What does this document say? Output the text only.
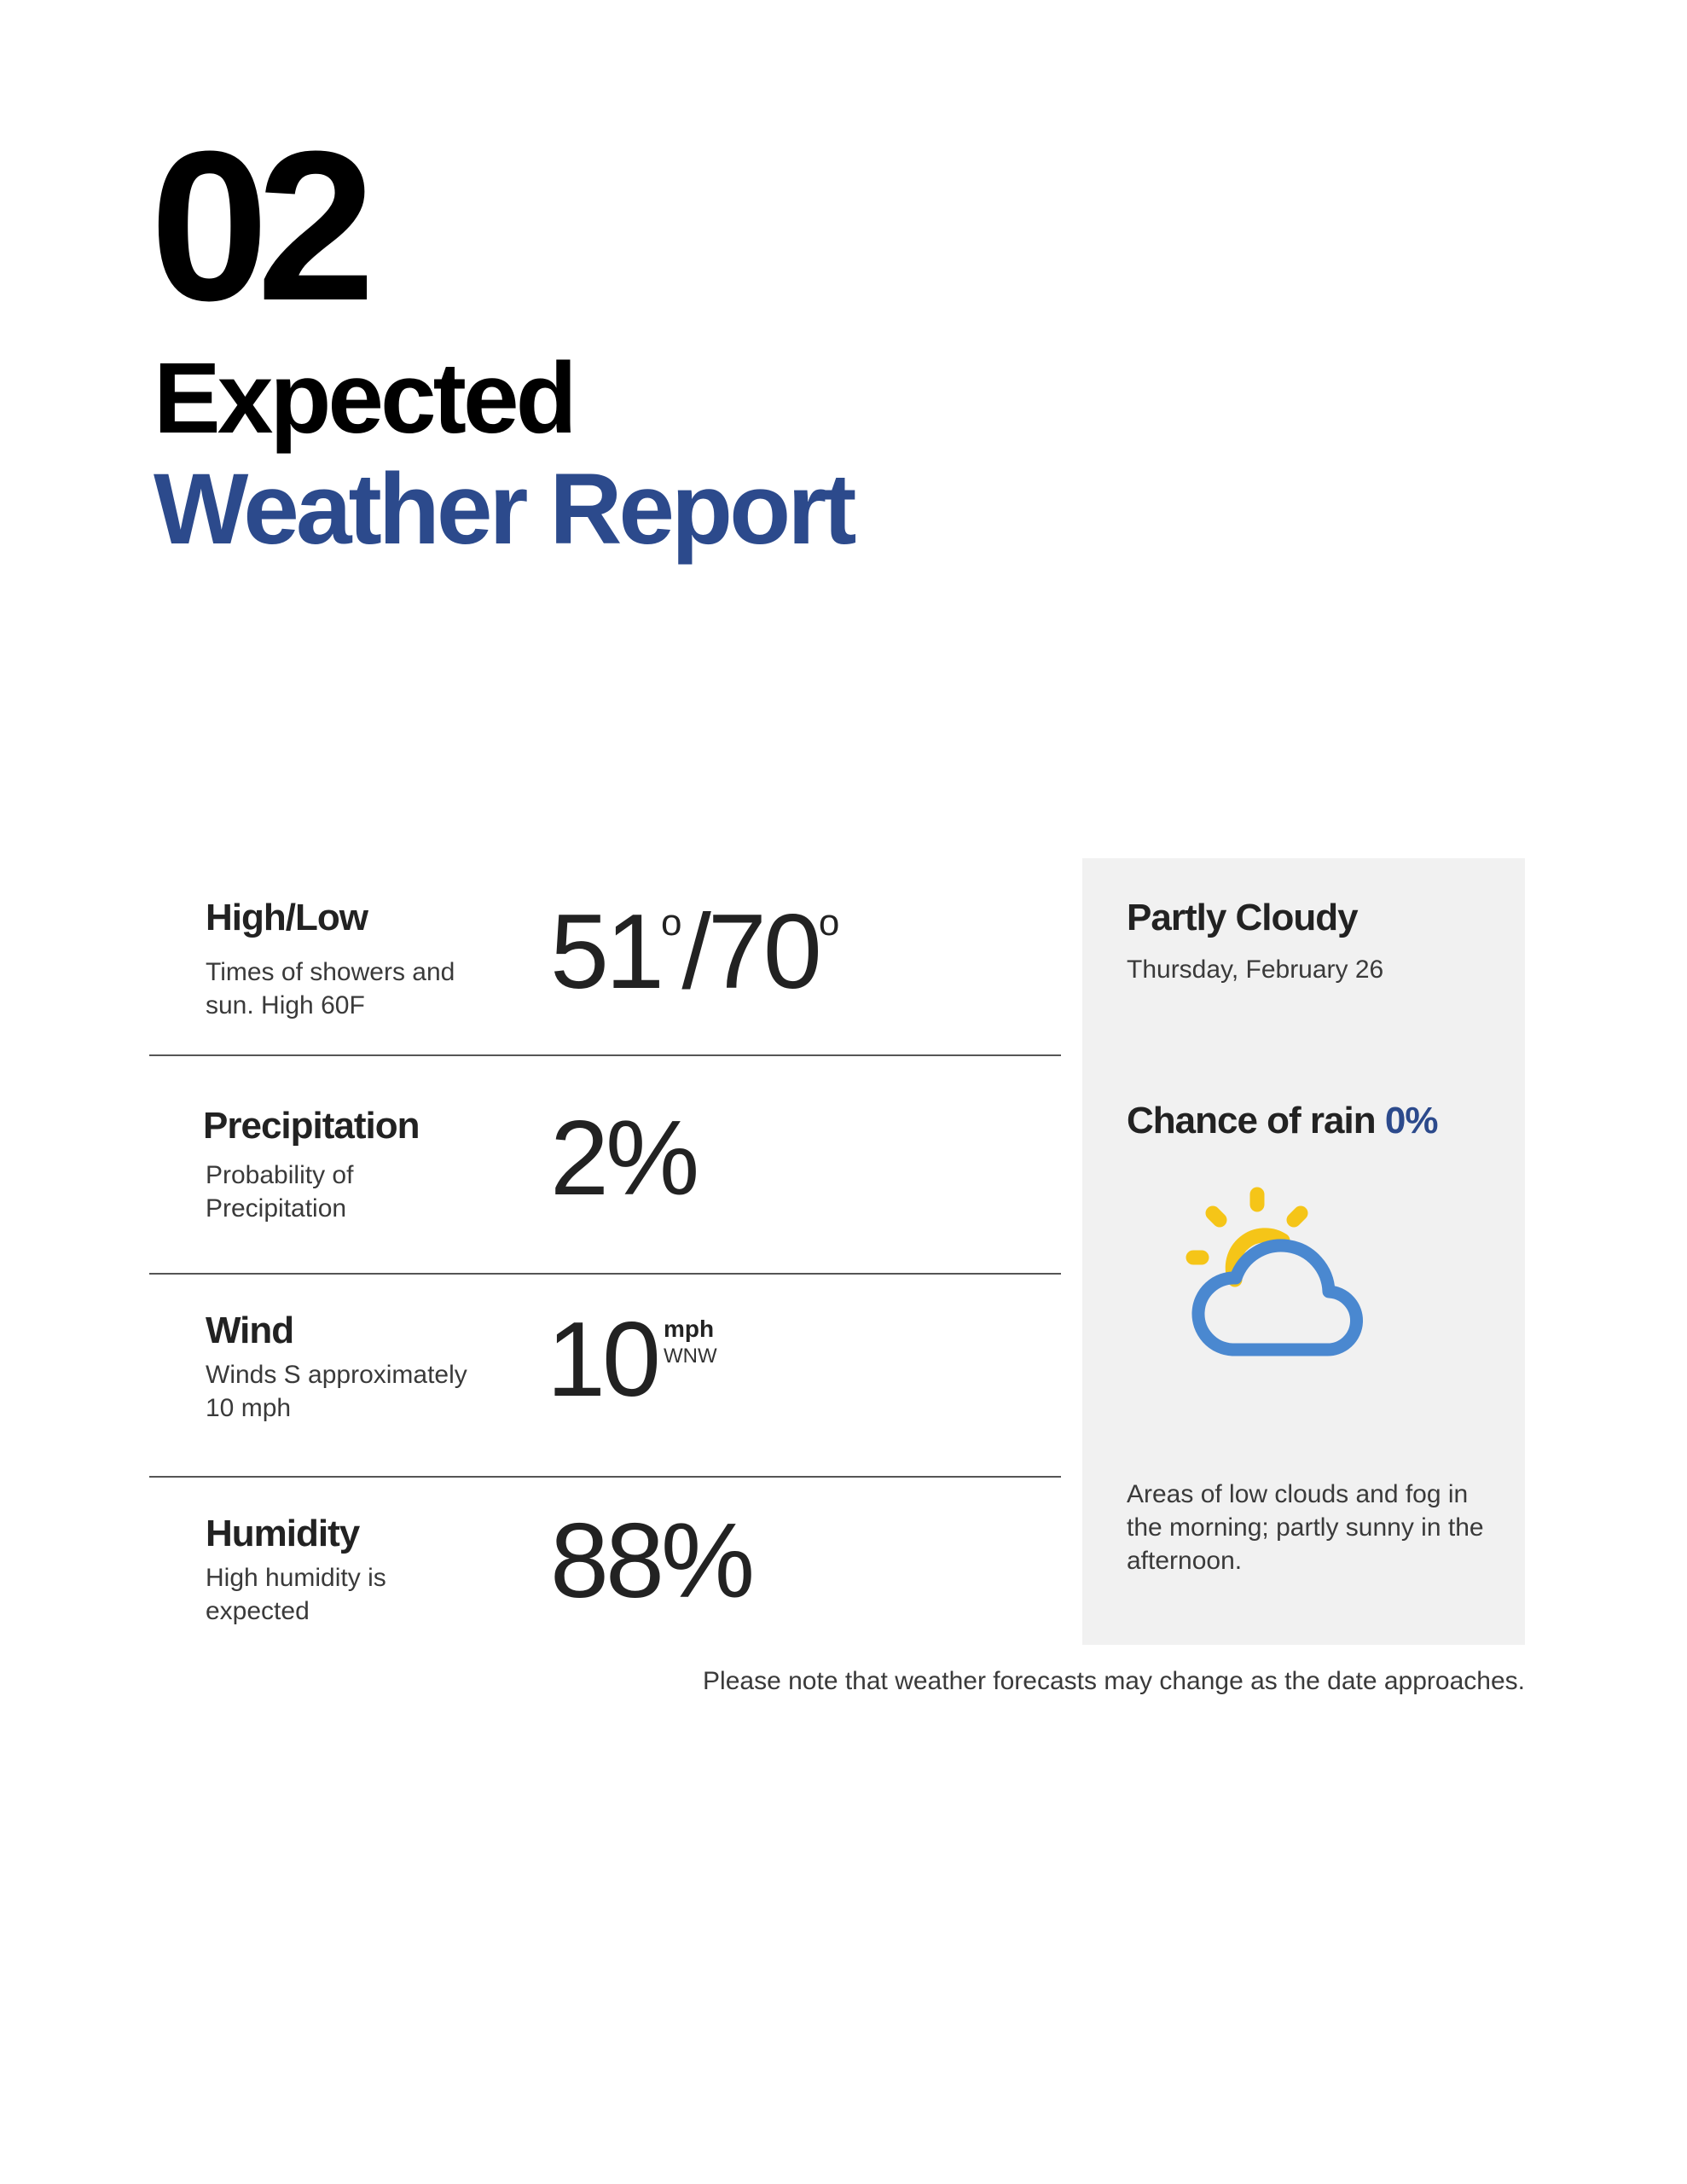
02
Expected
Weather Report
High/Low
Times of showers and sun. High 60F	51$^o$/70$^o$
Precipitation
Probability of Precipitation	2%
Wind
Winds S approximately 10 mph	10 mph
WNW
Humidity
High humidity is expected	88%
Partly Cloudy
Thursday, February 26
Chance of rain 0%
Areas of low clouds and fog in the morning; partly sunny in the afternoon.
Please note that weather forecasts may change as the date approaches.
